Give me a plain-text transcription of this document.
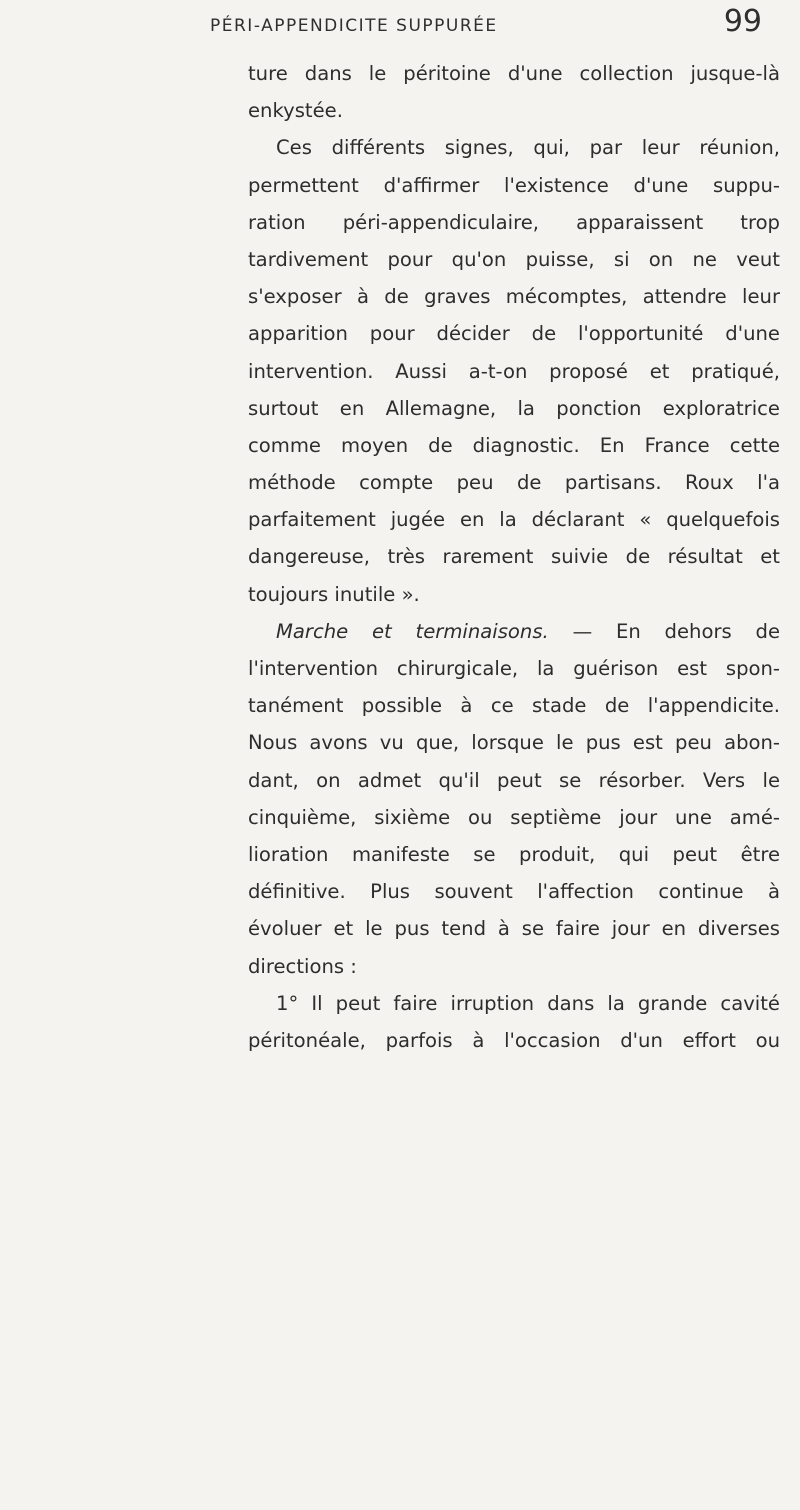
PÉRI-APPENDICITE SUPPURÉE	99
ture dans le péritoine d'une collection jusque-là
enkystée.
Ces différents signes, qui, par leur réunion,
permettent d'affirmer l'existence d'une suppu-
ration péri-appendiculaire, apparaissent trop
tardivement pour qu'on puisse, si on ne veut
s'exposer à de graves mécomptes, attendre leur
apparition pour décider de l'opportunité d'une
intervention. Aussi a-t-on proposé et pratiqué,
surtout en Allemagne, la ponction exploratrice
comme moyen de diagnostic. En France cette
méthode compte peu de partisans. Roux l'a
parfaitement jugée en la déclarant « quelquefois
dangereuse, très rarement suivie de résultat et
toujours inutile ».
Marche et terminaisons. — En dehors de
l'intervention chirurgicale, la guérison est spon-
tanément possible à ce stade de l'appendicite.
Nous avons vu que, lorsque le pus est peu abon-
dant, on admet qu'il peut se résorber. Vers le
cinquième, sixième ou septième jour une amé-
lioration manifeste se produit, qui peut être
définitive. Plus souvent l'affection continue à
évoluer et le pus tend à se faire jour en diverses
directions :
1° Il peut faire irruption dans la grande cavité
péritonéale, parfois à l'occasion d'un effort ou
